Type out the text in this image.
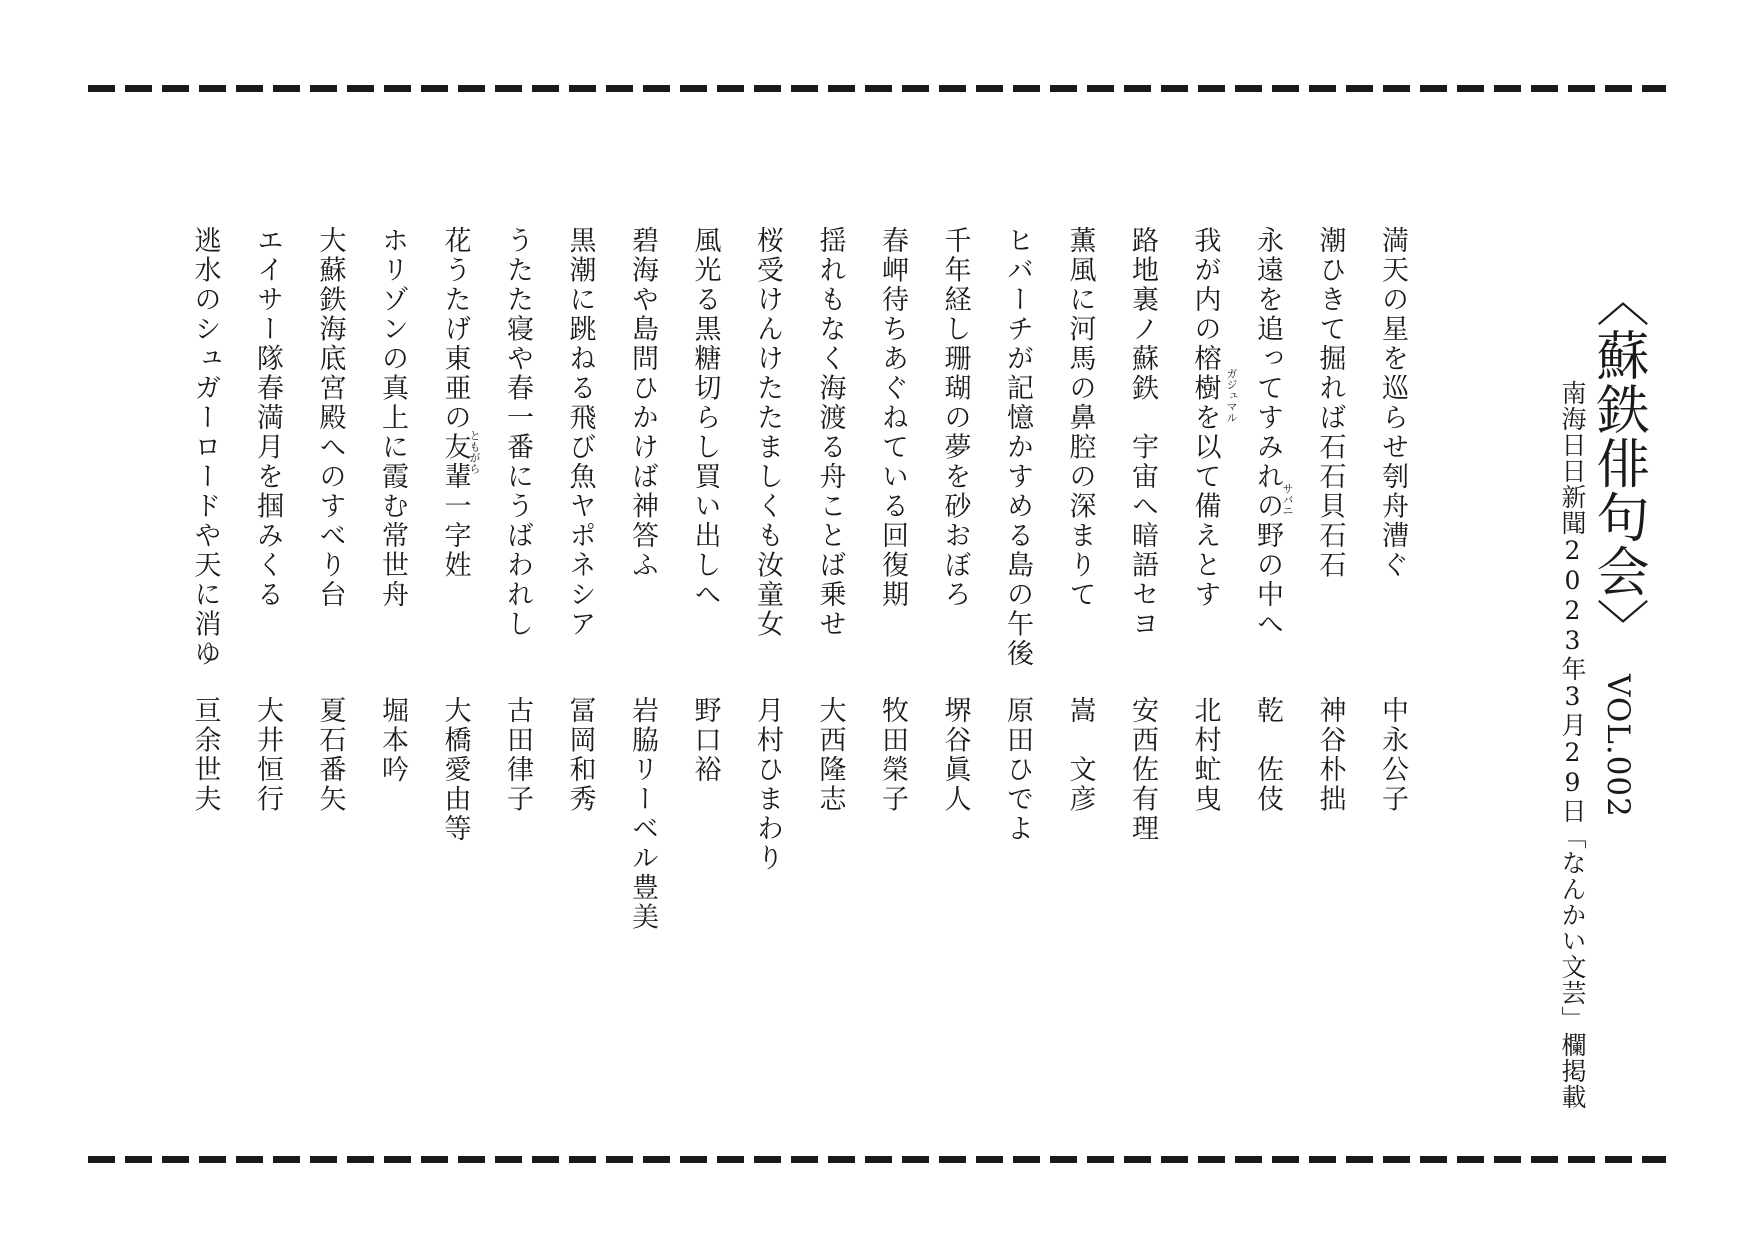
〈蘇鉄俳句会〉VOL.002
南海日日新聞2023年3月29日「なんかい文芸」欄掲載
満天の星を巡らせ刳舟漕ぐ
中永公子
潮ひきて掘れば石石貝石石
神谷朴拙
永遠を追ってすみれの野の中へ
乾　佐伎
我が内の榕樹を以て備えとす
北村虻曳
路地裏ノ蘇鉄　宇宙へ暗語セヨ
安西佐有理
薫風に河馬の鼻腔の深まりて
嵩　文彦
ヒバーチが記憶かすめる島の午後
原田ひでよ
千年経し珊瑚の夢を砂おぼろ
堺谷眞人
春岬待ちあぐねている回復期
牧田榮子
揺れもなく海渡る舟ことば乗せ
大西隆志
桜受けんけたたましくも汝童女
月村ひまわり
風光る黒糖切らし買い出しへ
野口裕
碧海や島問ひかけば神答ふ
岩脇リーベル豊美
黒潮に跳ねる飛び魚ヤポネシア
冨岡和秀
うたた寝や春一番にうばわれし
古田律子
花うたげ東亜の友輩一字姓
大橋愛由等
ホリゾンの真上に霞む常世舟
堀本吟
大蘇鉄海底宮殿へのすべり台
夏石番矢
エイサー隊春満月を掴みくる
大井恒行
逃水のシュガーロードや天に消ゆ
亘余世夫
サバニ
ガジュマル
ともがら
